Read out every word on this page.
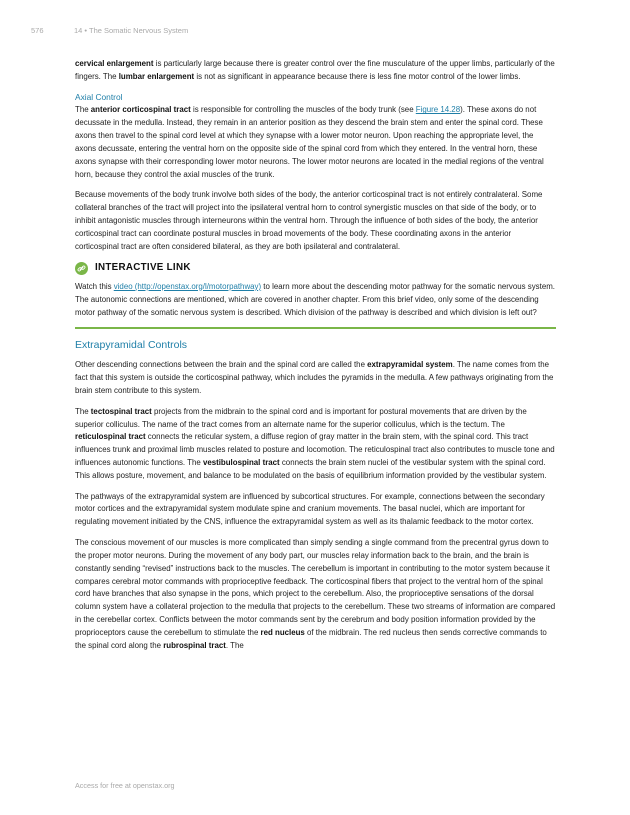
576	14 • The Somatic Nervous System

cervical enlargement is particularly large because there is greater control over the fine musculature of the upper limbs, particularly of the fingers. The lumbar enlargement is not as significant in appearance because there is less fine motor control of the lower limbs.

Axial Control

The anterior corticospinal tract is responsible for controlling the muscles of the body trunk (see Figure 14.28). These axons do not decussate in the medulla. Instead, they remain in an anterior position as they descend the brain stem and enter the spinal cord. These axons then travel to the spinal cord level at which they synapse with a lower motor neuron. Upon reaching the appropriate level, the axons decussate, entering the ventral horn on the opposite side of the spinal cord from which they entered. In the ventral horn, these axons synapse with their corresponding lower motor neurons. The lower motor neurons are located in the medial regions of the ventral horn, because they control the axial muscles of the trunk.

Because movements of the body trunk involve both sides of the body, the anterior corticospinal tract is not entirely contralateral. Some collateral branches of the tract will project into the ipsilateral ventral horn to control synergistic muscles on that side of the body, or to inhibit antagonistic muscles through interneurons within the ventral horn. Through the influence of both sides of the body, the anterior corticospinal tract can coordinate postural muscles in broad movements of the body. These coordinating axons in the anterior corticospinal tract are often considered bilateral, as they are both ipsilateral and contralateral.

INTERACTIVE LINK

Watch this video (http://openstax.org/l/motorpathway) to learn more about the descending motor pathway for the somatic nervous system. The autonomic connections are mentioned, which are covered in another chapter. From this brief video, only some of the descending motor pathway of the somatic nervous system is described. Which division of the pathway is described and which division is left out?

Extrapyramidal Controls

Other descending connections between the brain and the spinal cord are called the extrapyramidal system. The name comes from the fact that this system is outside the corticospinal pathway, which includes the pyramids in the medulla. A few pathways originating from the brain stem contribute to this system.

The tectospinal tract projects from the midbrain to the spinal cord and is important for postural movements that are driven by the superior colliculus. The name of the tract comes from an alternate name for the superior colliculus, which is the tectum. The reticulospinal tract connects the reticular system, a diffuse region of gray matter in the brain stem, with the spinal cord. This tract influences trunk and proximal limb muscles related to posture and locomotion. The reticulospinal tract also contributes to muscle tone and influences autonomic functions. The vestibulospinal tract connects the brain stem nuclei of the vestibular system with the spinal cord. This allows posture, movement, and balance to be modulated on the basis of equilibrium information provided by the vestibular system.

The pathways of the extrapyramidal system are influenced by subcortical structures. For example, connections between the secondary motor cortices and the extrapyramidal system modulate spine and cranium movements. The basal nuclei, which are important for regulating movement initiated by the CNS, influence the extrapyramidal system as well as its thalamic feedback to the motor cortex.

The conscious movement of our muscles is more complicated than simply sending a single command from the precentral gyrus down to the proper motor neurons. During the movement of any body part, our muscles relay information back to the brain, and the brain is constantly sending “revised” instructions back to the muscles. The cerebellum is important in contributing to the motor system because it compares cerebral motor commands with proprioceptive feedback. The corticospinal fibers that project to the ventral horn of the spinal cord have branches that also synapse in the pons, which project to the cerebellum. Also, the proprioceptive sensations of the dorsal column system have a collateral projection to the medulla that projects to the cerebellum. These two streams of information are compared in the cerebellar cortex. Conflicts between the motor commands sent by the cerebrum and body position information provided by the proprioceptors cause the cerebellum to stimulate the red nucleus of the midbrain. The red nucleus then sends corrective commands to the spinal cord along the rubrospinal tract. The

Access for free at openstax.org
